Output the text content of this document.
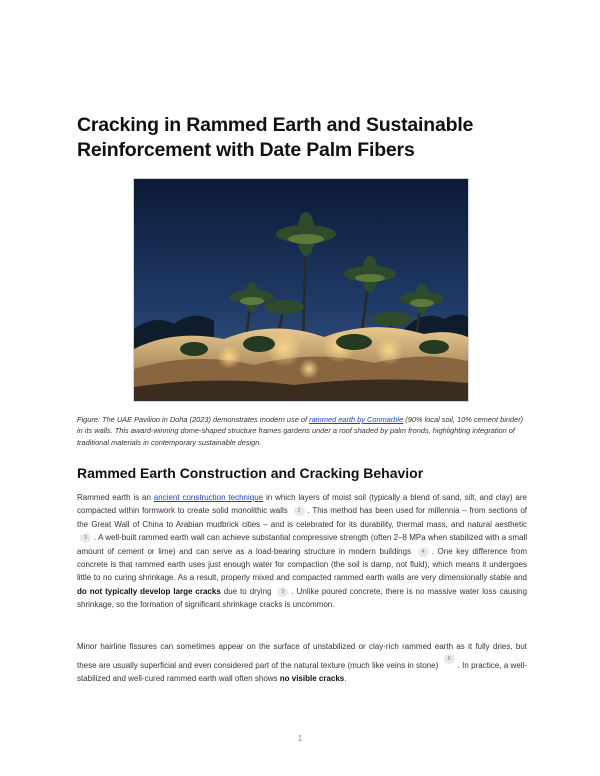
Cracking in Rammed Earth and Sustainable Reinforcement with Date Palm Fibers
Figure: The UAE Pavilion in Doha (2023) demonstrates modern use of rammed earth by Conmarble (90% local soil, 10% cement binder) in its walls. This award-winning dome-shaped structure frames gardens under a roof shaded by palm fronds, highlighting integration of traditional materials in contemporary sustainable design.
Rammed Earth Construction and Cracking Behavior
Rammed earth is an ancient construction technique in which layers of moist soil (typically a blend of sand, silt, and clay) are compacted within formwork to create solid monolithic walls 2 . This method has been used for millennia – from sections of the Great Wall of China to Arabian mudbrick cities – and is celebrated for its durability, thermal mass, and natural aesthetic 3 . A well-built rammed earth wall can achieve substantial compressive strength (often 2–8 MPa when stabilized with a small amount of cement or lime) and can serve as a load-bearing structure in modern buildings 4 . One key difference from concrete is that rammed earth uses just enough water for compaction (the soil is damp, not fluid), which means it undergoes little to no curing shrinkage. As a result, properly mixed and compacted rammed earth walls are very dimensionally stable and do not typically develop large cracks due to drying 5 . Unlike poured concrete, there is no massive water loss causing shrinkage, so the formation of significant shrinkage cracks is uncommon.
Minor hairline fissures can sometimes appear on the surface of unstabilized or clay-rich rammed earth as it fully dries, but these are usually superficial and even considered part of the natural texture (much like veins in stone) 6. In practice, a well-stabilized and well-cured rammed earth wall often shows no visible cracks.
1
